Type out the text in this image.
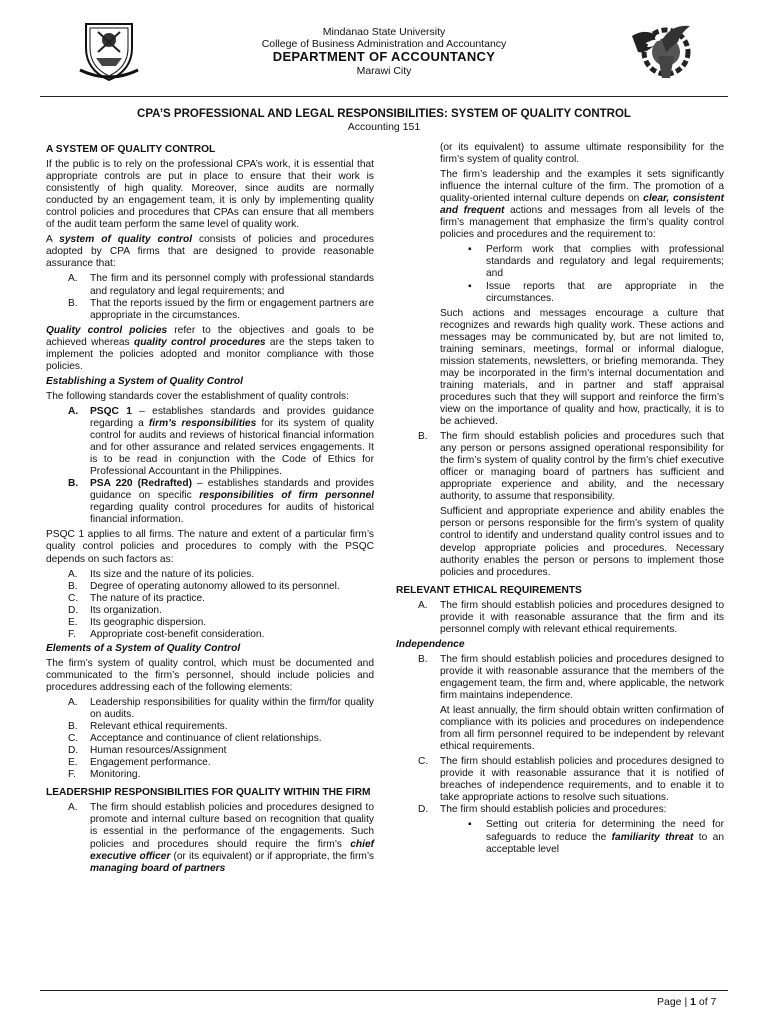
Mindanao State University
College of Business Administration and Accountancy
DEPARTMENT OF ACCOUNTANCY
Marawi City
CPA’S PROFESSIONAL AND LEGAL RESPONSIBILITIES: SYSTEM OF QUALITY CONTROL
Accounting 151

A SYSTEM OF QUALITY CONTROL

If the public is to rely on the professional CPA’s work, it is essential that appropriate controls are put in place to ensure that their work is consistently of high quality. Moreover, since audits are normally conducted by an engagement team, it is only by implementing quality control policies and procedures that CPAs can ensure that all members of the audit team perform the same level of quality work.

A system of quality control consists of policies and procedures adopted by CPA firms that are designed to provide reasonable assurance that:

A. The firm and its personnel comply with professional standards and regulatory and legal requirements; and
B. That the reports issued by the firm or engagement partners are appropriate in the circumstances.

Quality control policies refer to the objectives and goals to be achieved whereas quality control procedures are the steps taken to implement the policies adopted and monitor compliance with those policies.

Establishing a System of Quality Control

The following standards cover the establishment of quality controls:

A. PSQC 1 – establishes standards and provides guidance regarding a firm’s responsibilities for its system of quality control for audits and reviews of historical financial information and for other assurance and related services engagements. It is to be read in conjunction with the Code of Ethics for Professional Accountant in the Philippines.
B. PSA 220 (Redrafted) – establishes standards and provides guidance on specific responsibilities of firm personnel regarding quality control procedures for audits of historical financial information.

PSQC 1 applies to all firms. The nature and extent of a particular firm’s quality control policies and procedures to comply with the PSQC depends on such factors as:

A. Its size and the nature of its policies.
B. Degree of operating autonomy allowed to its personnel.
C. The nature of its practice.
D. Its organization.
E. Its geographic dispersion.
F. Appropriate cost-benefit consideration.

Elements of a System of Quality Control

The firm’s system of quality control, which must be documented and communicated to the firm’s personnel, should include policies and procedures addressing each of the following elements:

A. Leadership responsibilities for quality within the firm/for quality on audits.
B. Relevant ethical requirements.
C. Acceptance and continuance of client relationships.
D. Human resources/Assignment
E. Engagement performance.
F. Monitoring.

LEADERSHIP RESPONSIBILITIES FOR QUALITY WITHIN THE FIRM

A. The firm should establish policies and procedures designed to promote and internal culture based on recognition that quality is essential in the performance of the engagements. Such policies and procedures should require the firm’s chief executive officer (or its equivalent) or if appropriate, the firm’s managing board of partners

(or its equivalent) to assume ultimate responsibility for the firm’s system of quality control.

The firm’s leadership and the examples it sets significantly influence the internal culture of the firm. The promotion of a quality-oriented internal culture depends on clear, consistent and frequent actions and messages from all levels of the firm’s management that emphasize the firm’s quality control policies and procedures and the requirement to:

▪ Perform work that complies with professional standards and regulatory and legal requirements; and
▪ Issue reports that are appropriate in the circumstances.

Such actions and messages encourage a culture that recognizes and rewards high quality work. These actions and messages may be communicated by, but are not limited to, training seminars, meetings, formal or informal dialogue, mission statements, newsletters, or briefing memoranda. They may be incorporated in the firm’s internal documentation and training materials, and in partner and staff appraisal procedures such that they will support and reinforce the firm’s view on the importance of quality and how, practically, it is to be achieved.

B. The firm should establish policies and procedures such that any person or persons assigned operational responsibility for the firm’s system of quality control by the firm’s chief executive officer or managing board of partners has sufficient and appropriate experience and ability, and the necessary authority, to assume that responsibility.

Sufficient and appropriate experience and ability enables the person or persons responsible for the firm’s system of quality control to identify and understand quality control issues and to develop appropriate policies and procedures. Necessary authority enables the person or persons to implement those policies and procedures.

RELEVANT ETHICAL REQUIREMENTS

A. The firm should establish policies and procedures designed to provide it with reasonable assurance that the firm and its personnel comply with relevant ethical requirements.

Independence

B. The firm should establish policies and procedures designed to provide it with reasonable assurance that the members of the engagement team, the firm and, where applicable, the network firm maintains independence.

At least annually, the firm should obtain written confirmation of compliance with its policies and procedures on independence from all firm personnel required to be independent by relevant ethical requirements.

C. The firm should establish policies and procedures designed to provide it with reasonable assurance that it is notified of breaches of independence requirements, and to enable it to take appropriate actions to resolve such situations.
D. The firm should establish policies and procedures:
▪ Setting out criteria for determining the need for safeguards to reduce the familiarity threat to an acceptable level
Page | 1 of 7
